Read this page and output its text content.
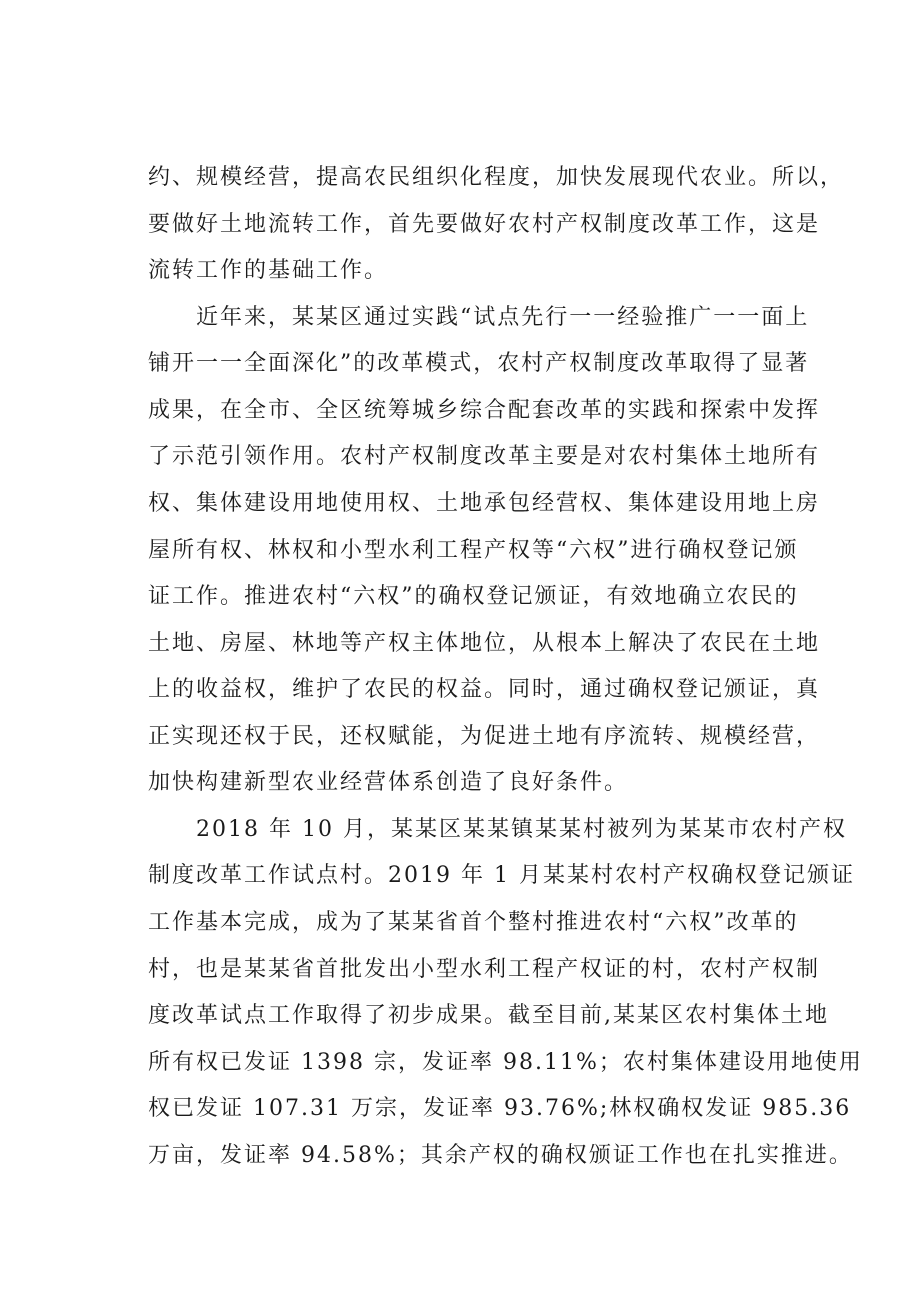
约、规模经营，提高农民组织化程度，加快发展现代农业。所以，

要做好土地流转工作，首先要做好农村产权制度改革工作，这是

流转工作的基础工作。

近年来，某某区通过实践“试点先行一一经验推广一一面上

铺开一一全面深化”的改革模式，农村产权制度改革取得了显著

成果，在全市、全区统筹城乡综合配套改革的实践和探索中发挥

了示范引领作用。农村产权制度改革主要是对农村集体土地所有

权、集体建设用地使用权、土地承包经营权、集体建设用地上房

屋所有权、林权和小型水利工程产权等“六权”进行确权登记颁

证工作。推进农村“六权”的确权登记颁证，有效地确立农民的

土地、房屋、林地等产权主体地位，从根本上解决了农民在土地

上的收益权，维护了农民的权益。同时，通过确权登记颁证，真

正实现还权于民，还权赋能，为促进土地有序流转、规模经营，

加快构建新型农业经营体系创造了良好条件。

2018 年 10 月，某某区某某镇某某村被列为某某市农村产权

制度改革工作试点村。2019 年 1 月某某村农村产权确权登记颁证

工作基本完成，成为了某某省首个整村推进农村“六权”改革的

村，也是某某省首批发出小型水利工程产权证的村，农村产权制

度改革试点工作取得了初步成果。截至目前,某某区农村集体土地

所有权已发证 1398 宗，发证率 98.11%；农村集体建设用地使用

权已发证 107.31 万宗，发证率 93.76%;林权确权发证 985.36

万亩，发证率 94.58%；其余产权的确权颁证工作也在扎实推进。
